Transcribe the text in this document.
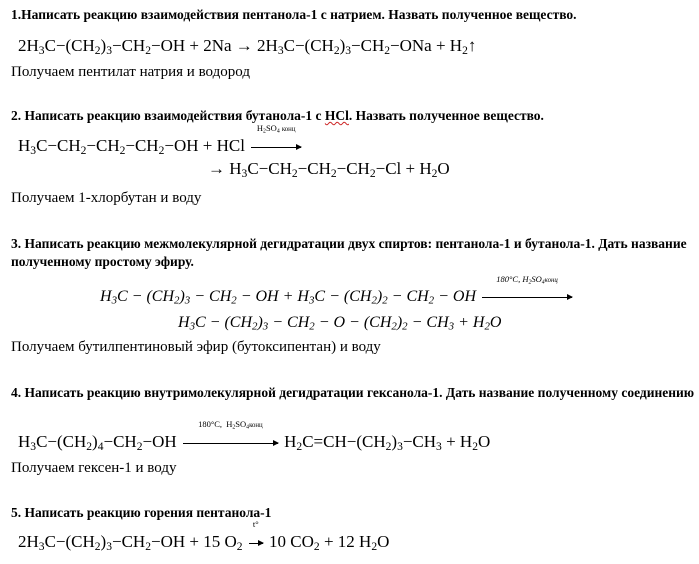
1.Написать реакцию взаимодействия пентанола-1 с натрием. Назвать полученное вещество.
$2H_3C-(CH_2)_3-CH_2-OH + 2Na \to 2H_3C-(CH_2)_3-CH_2-ONa$ + $H_2↑$
Получаем пентилат натрия и водород
2. Написать реакцию взаимодействия бутанола-1 с HCl. Назвать полученное вещество.
$H_3C-CH_2-CH_2-CH_2-OH$ + HCl
$H_2SO_4$ конц
→ $H_3C-CH_2-CH_2-CH_2-Cl + H_2O$
Получаем 1-хлорбутан и воду
3. Написать реакцию межмолекулярной дегидратации двух спиртов: пентанола-1 и бутанола-1. Дать название полученному простому эфиру.
$H_3C - (CH_2)_3 - CH_2$ − OH + $H_3C - (CH_2)_2 - CH_2$ − OH
180°C, $H_2SO_4конц$
$H_3C - (CH_2)_3 - CH_2 - O - (CH_2)_2 - CH_3 + H_2O$
Получаем бутилпентиновый эфир (бутоксипентан) и воду
4. Написать реакцию внутримолекулярной дегидратации гексанола-1. Дать название полученному соединению
$H_3C-(CH_2)_4-CH_2-OH$
180°C,  $H_2SO_4конц$
$H_2C=CH-(CH_2)_3-CH_3 + H_2O$
Получаем гексен-1 и воду
5. Написать реакцию горения пентанола-1
$2H_3C-(CH_2)_3-CH_2-OH + 15$ $O_2$
t°
10 $CO_2 + 12$ $H_2O$
